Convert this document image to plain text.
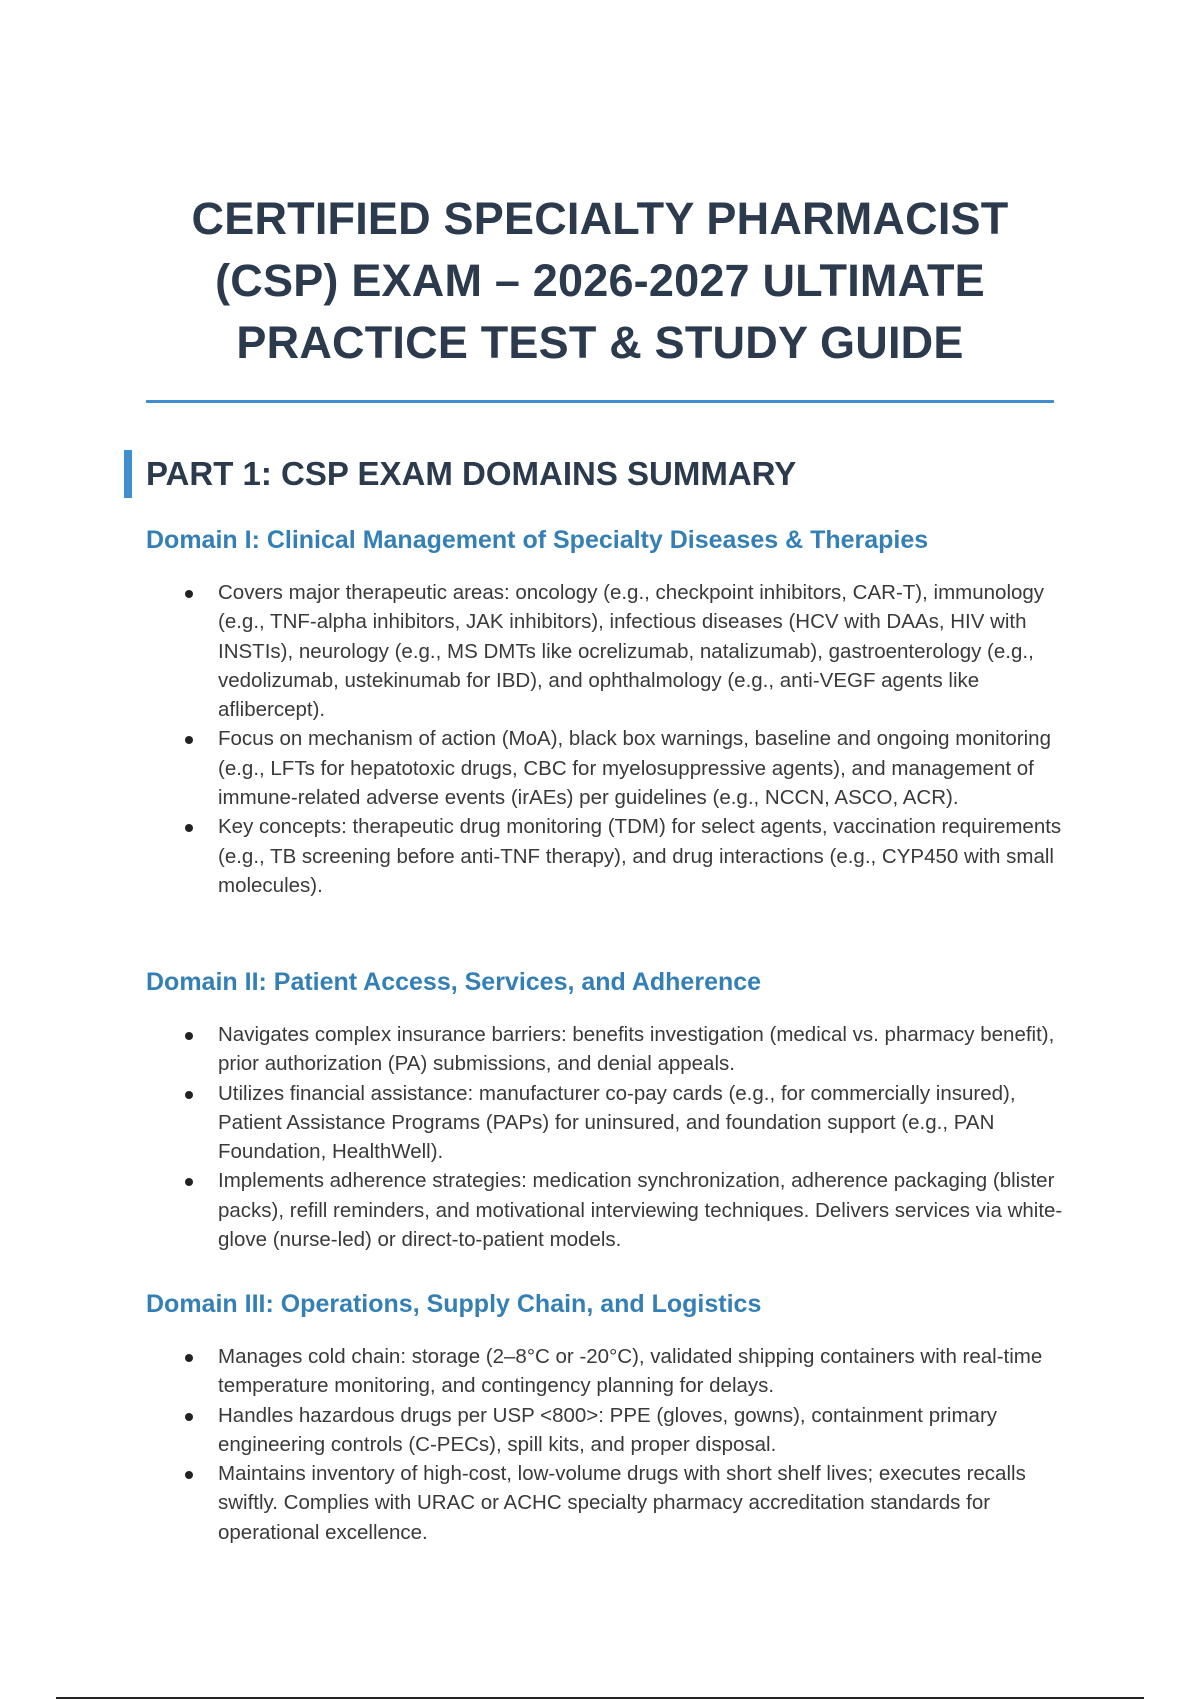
CERTIFIED SPECIALTY PHARMACIST (CSP) EXAM – 2026-2027 ULTIMATE PRACTICE TEST & STUDY GUIDE
PART 1: CSP EXAM DOMAINS SUMMARY
Domain I: Clinical Management of Specialty Diseases & Therapies
Covers major therapeutic areas: oncology (e.g., checkpoint inhibitors, CAR-T), immunology (e.g., TNF-alpha inhibitors, JAK inhibitors), infectious diseases (HCV with DAAs, HIV with INSTIs), neurology (e.g., MS DMTs like ocrelizumab, natalizumab), gastroenterology (e.g., vedolizumab, ustekinumab for IBD), and ophthalmology (e.g., anti-VEGF agents like aflibercept).
Focus on mechanism of action (MoA), black box warnings, baseline and ongoing monitoring (e.g., LFTs for hepatotoxic drugs, CBC for myelosuppressive agents), and management of immune-related adverse events (irAEs) per guidelines (e.g., NCCN, ASCO, ACR).
Key concepts: therapeutic drug monitoring (TDM) for select agents, vaccination requirements (e.g., TB screening before anti-TNF therapy), and drug interactions (e.g., CYP450 with small molecules).
Domain II: Patient Access, Services, and Adherence
Navigates complex insurance barriers: benefits investigation (medical vs. pharmacy benefit), prior authorization (PA) submissions, and denial appeals.
Utilizes financial assistance: manufacturer co-pay cards (e.g., for commercially insured), Patient Assistance Programs (PAPs) for uninsured, and foundation support (e.g., PAN Foundation, HealthWell).
Implements adherence strategies: medication synchronization, adherence packaging (blister packs), refill reminders, and motivational interviewing techniques. Delivers services via white-glove (nurse-led) or direct-to-patient models.
Domain III: Operations, Supply Chain, and Logistics
Manages cold chain: storage (2–8°C or -20°C), validated shipping containers with real-time temperature monitoring, and contingency planning for delays.
Handles hazardous drugs per USP <800>: PPE (gloves, gowns), containment primary engineering controls (C-PECs), spill kits, and proper disposal.
Maintains inventory of high-cost, low-volume drugs with short shelf lives; executes recalls swiftly. Complies with URAC or ACHC specialty pharmacy accreditation standards for operational excellence.
